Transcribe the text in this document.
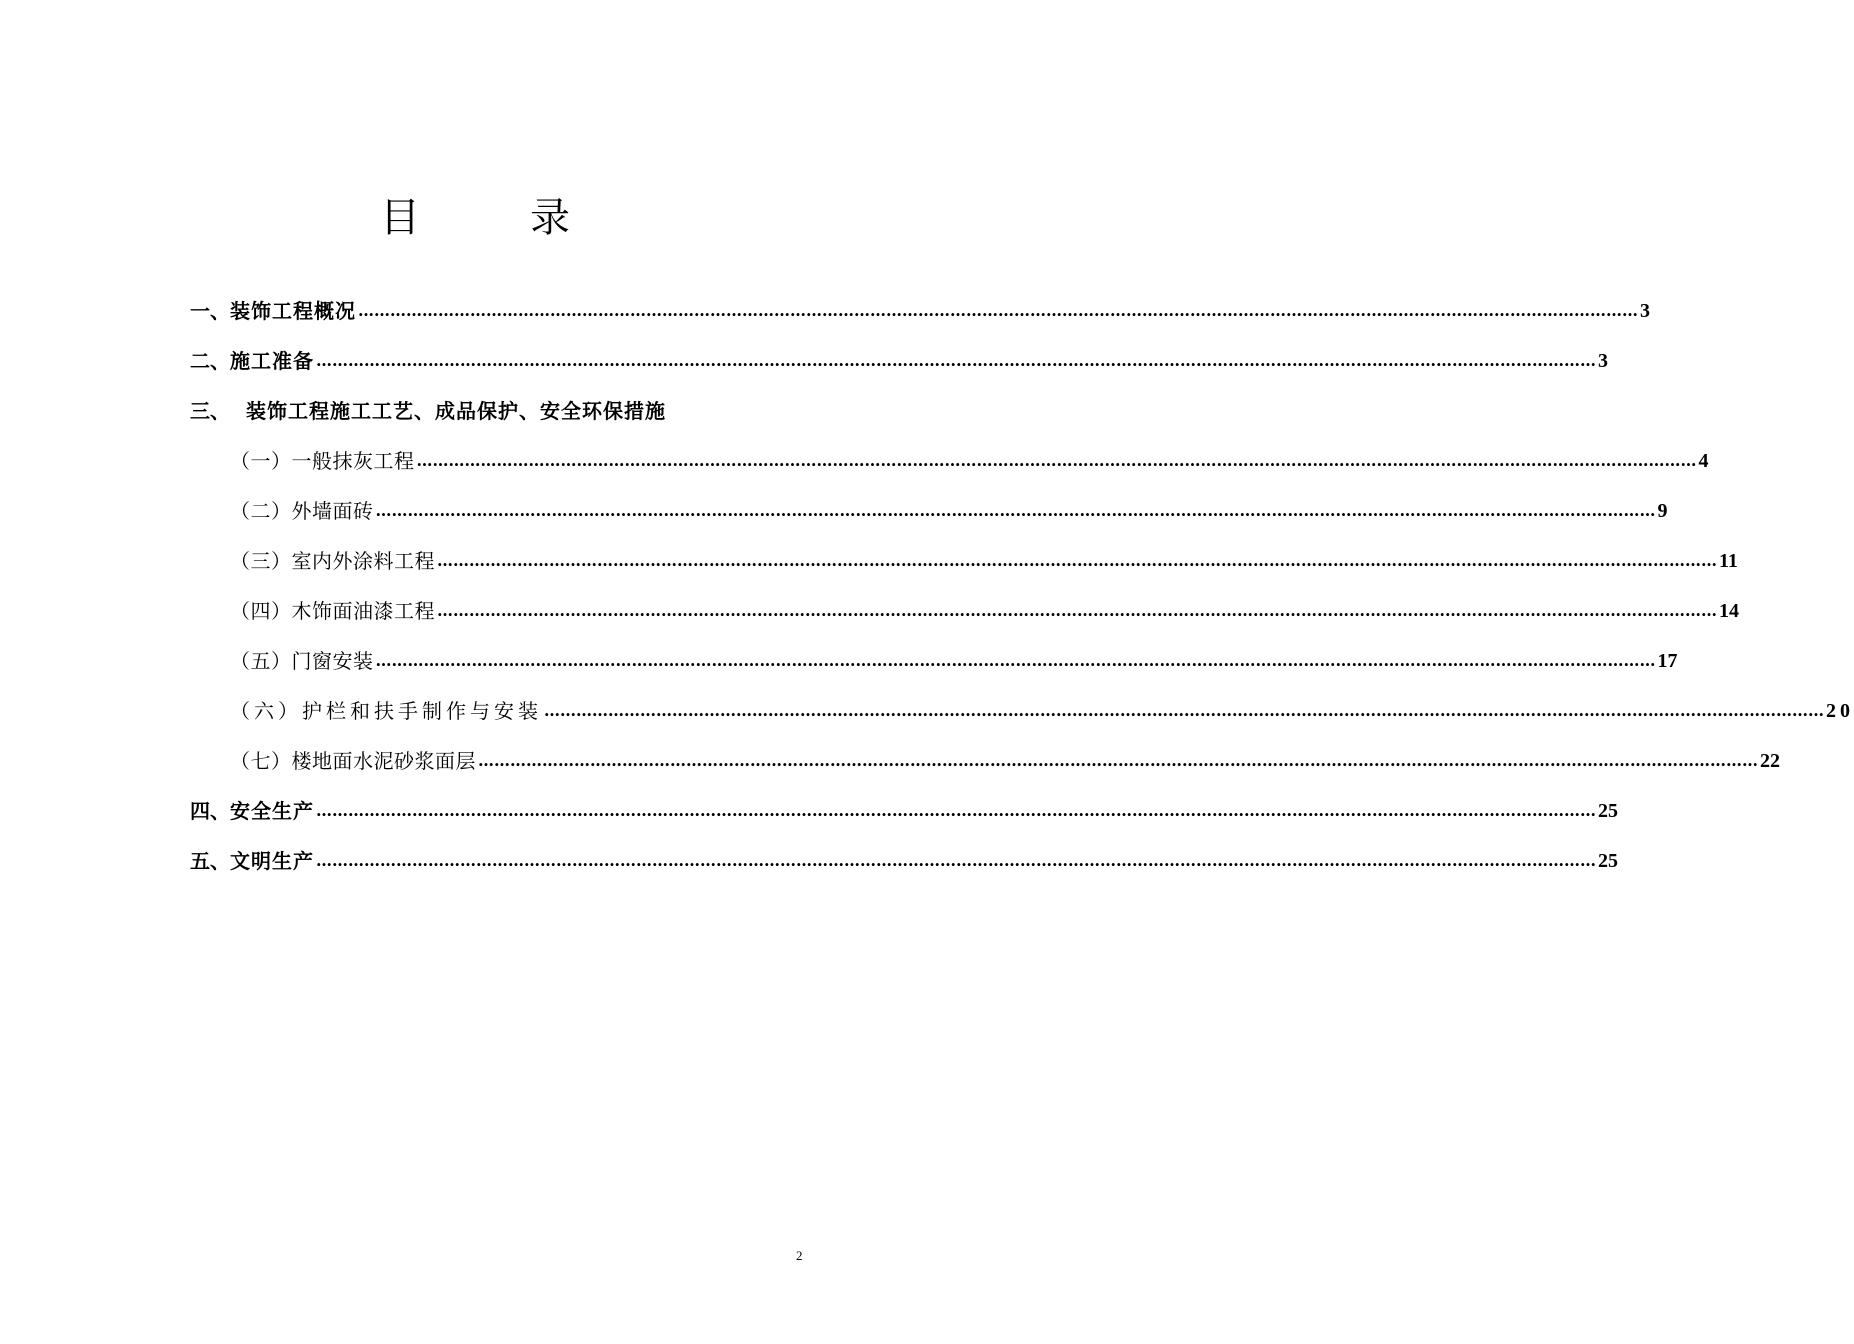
目	录
一、 装饰工程概况 …………………………………………………………………………………………………………………………………………………………………………………………………………………… 3
二、 施工准备 …………………………………………………………………………………………………………………………………………………………………………………………………………………… 3
三、 装饰工程施工工艺、成品保护、安全环保措施
（一）一般抹灰工程 …………………………………………………………………………………………………………………………………………………………………………………………………………………… 4
（二）外墙面砖 …………………………………………………………………………………………………………………………………………………………………………………………………………………… 9
（三）室内外涂料工程 …………………………………………………………………………………………………………………………………………………………………………………………………………………… 11
（四）木饰面油漆工程 …………………………………………………………………………………………………………………………………………………………………………………………………………………… 14
（五）门窗安装 …………………………………………………………………………………………………………………………………………………………………………………………………………………… 17
（六）护栏和扶手制作与安装 …………………………………………………………………………………………………………………………………………………………………………………………………………………… 20
（七）楼地面水泥砂浆面层 …………………………………………………………………………………………………………………………………………………………………………………………………………………… 22
四、 安全生产 …………………………………………………………………………………………………………………………………………………………………………………………………………………… 25
五、 文明生产 …………………………………………………………………………………………………………………………………………………………………………………………………………………… 25
2
